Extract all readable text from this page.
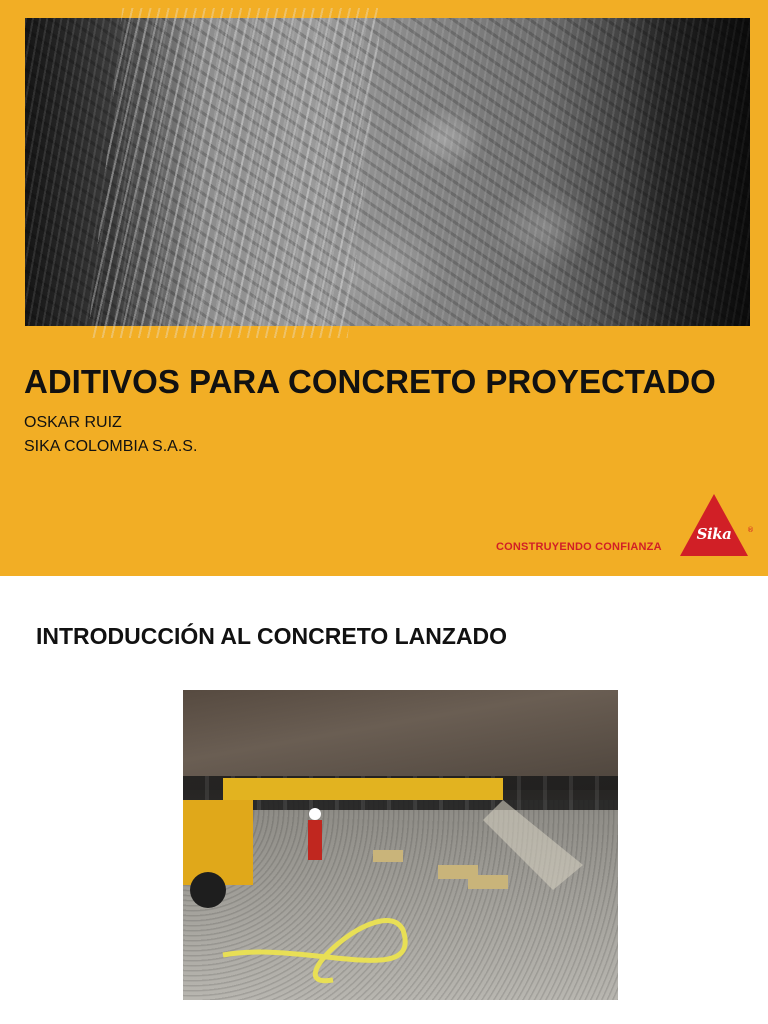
ADITIVOS PARA CONCRETO PROYECTADO
OSKAR RUIZ
SIKA COLOMBIA S.A.S.
CONSTRUYENDO CONFIANZA
®
Sika
INTRODUCCIÓN AL CONCRETO LANZADO
